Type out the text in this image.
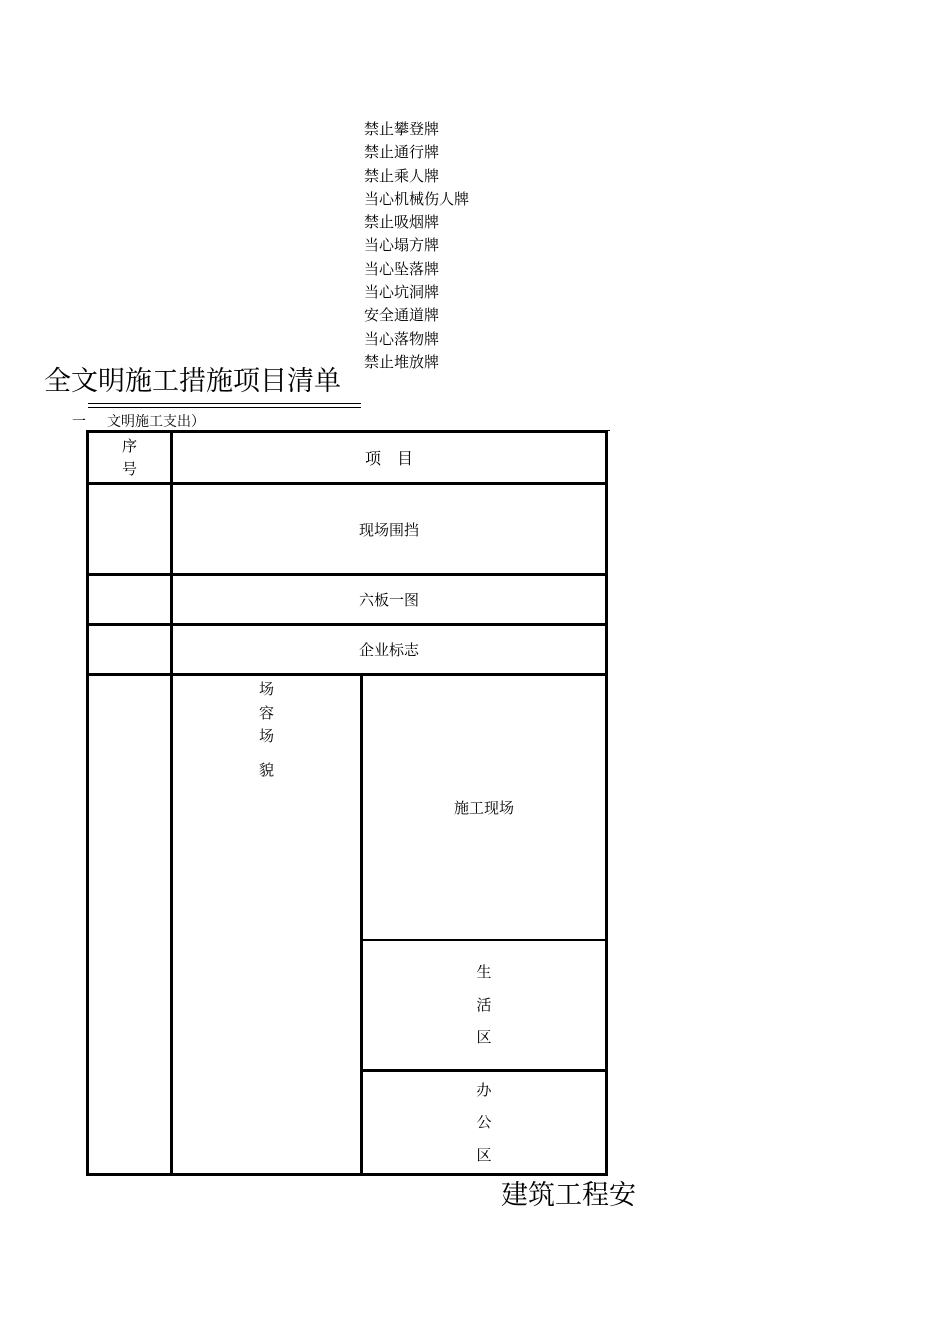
禁止攀登牌
禁止通行牌
禁止乘人牌
当心机械伤人牌
禁止吸烟牌
当心塌方牌
当心坠落牌
当心坑洞牌
安全通道牌
当心落物牌
禁止堆放牌
全文明施工措施项目清单
一 文明施工支出）
序
号
项　目
现场围挡
六板一图
企业标志
场
容
场
貌
施工现场
生
活
区
办
公
区
建筑工程安
